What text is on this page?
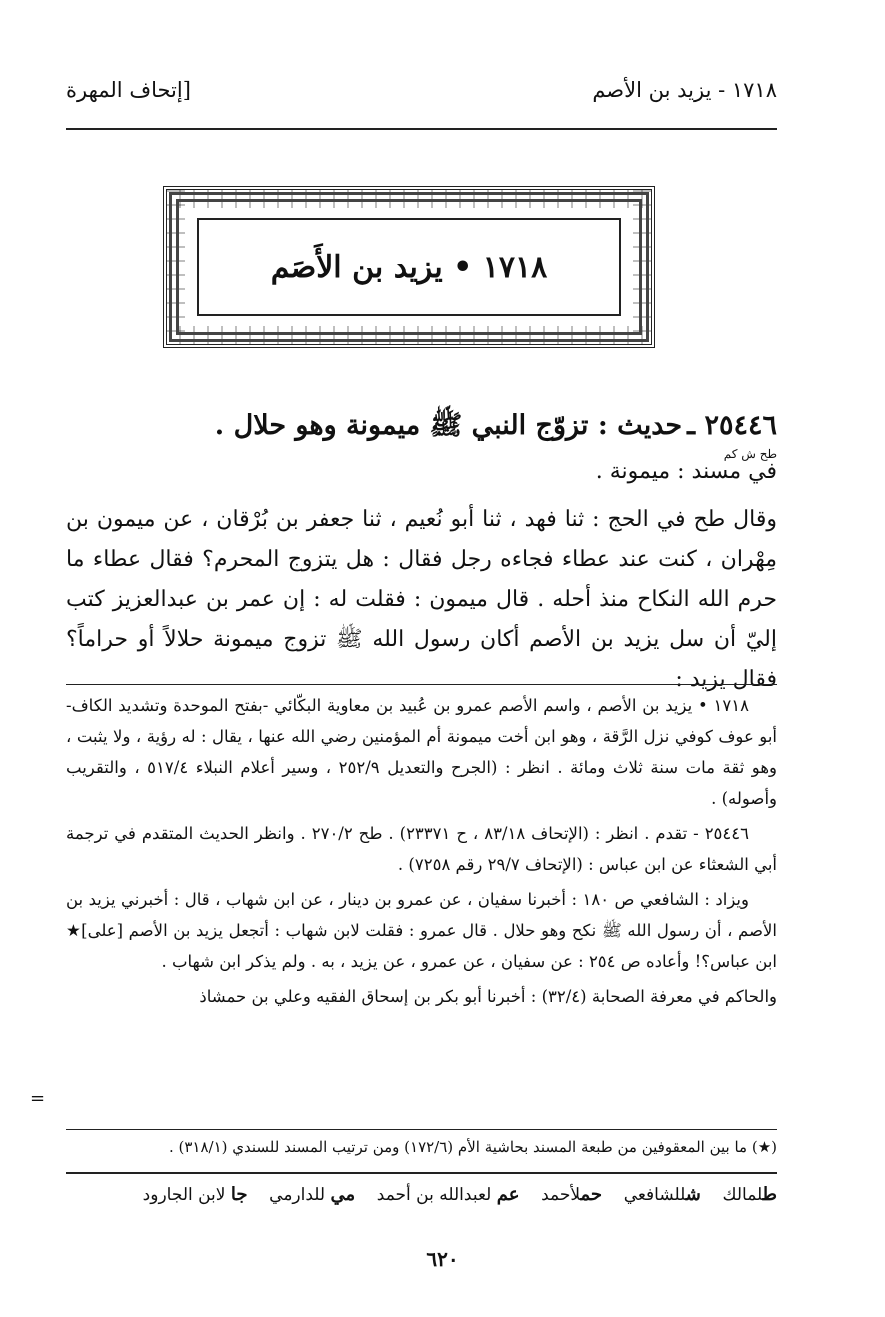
١٧١٨ - يزيد بن الأصم
[إتحاف المهرة
١٧١٨ • يزيد بن الأَصَم
٢٥٤٤٦ ـ حديث : تزوّج النبي ﷺ ميمونة وهو حلال .
طح ش كم
في مسند : ميمونة .
وقال طح في الحج : ثنا فهد ، ثنا أبو نُعيم ، ثنا جعفر بن بُرْقان ، عن ميمون بن مِهْران ، كنت عند عطاء فجاءه رجل فقال : هل يتزوج المحرم؟ فقال عطاء ما حرم الله النكاح منذ أحله . قال ميمون : فقلت له : إن عمر بن عبدالعزيز كتب إليّ أن سل يزيد بن الأصم أكان رسول الله ﷺ تزوج ميمونة حلالاً أو حراماً؟ فقال يزيد :

١٧١٨ • يزيد بن الأصم ، واسم الأصم عمرو بن عُبيد بن معاوية البكّائي -بفتح الموحدة وتشديد الكاف- أبو عوف كوفي نزل الرَّقة ، وهو ابن أخت ميمونة أم المؤمنين رضي الله عنها ، يقال : له رؤية ، ولا يثبت ، وهو ثقة مات سنة ثلاث ومائة . انظر : (الجرح والتعديل ٢٥٢/٩ ، وسير أعلام النبلاء ٥١٧/٤ ، والتقريب وأصوله) .

٢٥٤٤٦ - تقدم . انظر : (الإتحاف ٨٣/١٨ ، ح ٢٣٣٧١) . طح ٢٧٠/٢ . وانظر الحديث المتقدم في ترجمة أبي الشعثاء عن ابن عباس : (الإتحاف ٢٩/٧ رقم ٧٢٥٨) .

ويزاد : الشافعي ص ١٨٠ : أخبرنا سفيان ، عن عمرو بن دينار ، عن ابن شهاب ، قال : أخبرني يزيد بن الأصم ، أن رسول الله ﷺ نكح وهو حلال . قال عمرو : فقلت لابن شهاب : أتجعل يزيد بن الأصم [على]★ ابن عباس؟! وأعاده ص ٢٥٤ : عن سفيان ، عن عمرو ، عن يزيد ، به . ولم يذكر ابن شهاب .

والحاكم في معرفة الصحابة (٣٢/٤) : أخبرنا أبو بكر بن إسحاق الفقيه وعلي بن حمشاذ

=
(★) ما بين المعقوفين من طبعة المسند بحاشية الأم (١٧٢/٦) ومن ترتيب المسند للسندي (٣١٨/١) .
طلمالك    شللشافعي    حملأحمد    عم لعبدالله بن أحمد    مي للدارمي    جا لابن الجارود
٦٢٠
